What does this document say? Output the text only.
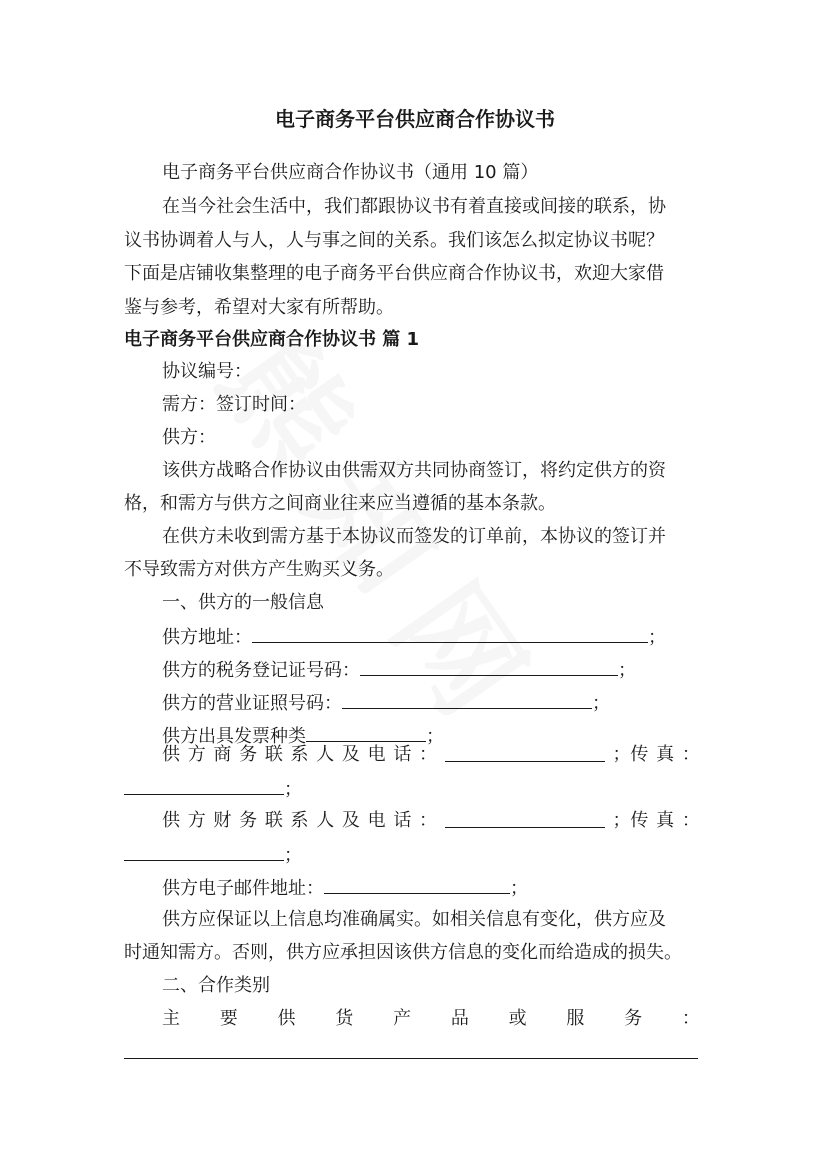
电子商务平台供应商合作协议书
电子商务平台供应商合作协议书（通用 10 篇）
在当今社会生活中，我们都跟协议书有着直接或间接的联系，协
议书协调着人与人，人与事之间的关系。我们该怎么拟定协议书呢？
下面是店铺收集整理的电子商务平台供应商合作协议书，欢迎大家借
鉴与参考，希望对大家有所帮助。
电子商务平台供应商合作协议书 篇 1
协议编号：
需方：签订时间：
供方：
该供方战略合作协议由供需双方共同协商签订，将约定供方的资
格，和需方与供方之间商业往来应当遵循的基本条款。
在供方未收到需方基于本协议而签发的订单前，本协议的签订并
不导致需方对供方产生购买义务。
一、供方的一般信息
供方地址：	；
供方的税务登记证号码：	；
供方的营业证照号码：	；
供方出具发票种类	；
供 方 商 务 联 系 人 及 电 话 ：	；传 真 ：
；
供 方 财 务 联 系 人 及 电 话 ：	；传 真 ：
；
供方电子邮件地址：	；
供方应保证以上信息均准确属实。如相关信息有变化，供方应及
时通知需方。否则，供方应承担因该供方信息的变化而给造成的损失。
二、合作类别
主 要 供 货 产 品 或 服 务 ：
